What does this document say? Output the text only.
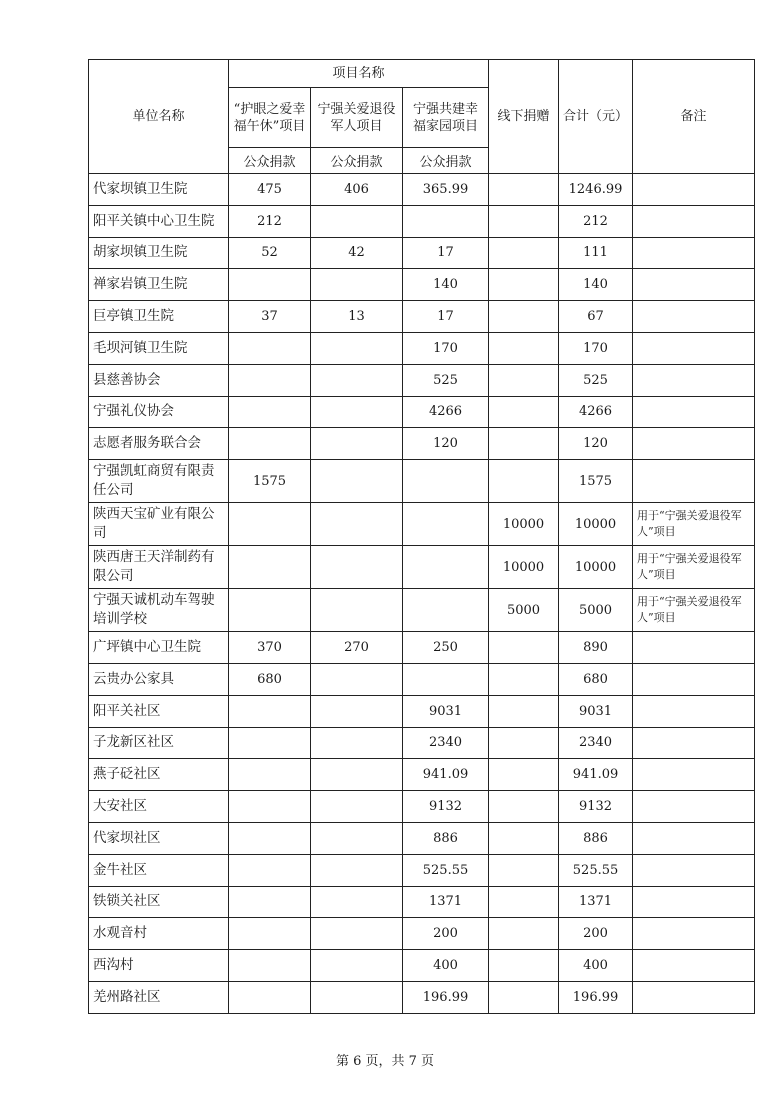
单位名称	项目名称			线下捐赠	合计（元）	备注
	“护眼之爱幸福午休”项目	宁强关爱退役军人项目	宁强共建幸福家园项目			
	公众捐款	公众捐款	公众捐款			
代家坝镇卫生院	475	406	365.99		1246.99	
阳平关镇中心卫生院	212				212	
胡家坝镇卫生院	52	42	17		111	
禅家岩镇卫生院			140		140	
巨亭镇卫生院	37	13	17		67	
毛坝河镇卫生院			170		170	
县慈善协会			525		525	
宁强礼仪协会			4266		4266	
志愿者服务联合会			120		120	
宁强凯虹商贸有限责任公司	1575				1575	
陕西天宝矿业有限公司				10000	10000	用于“宁强关爱退役军人”项目
陕西唐王天洋制药有限公司				10000	10000	用于“宁强关爱退役军人”项目
宁强天诚机动车驾驶培训学校				5000	5000	用于“宁强关爱退役军人”项目
广坪镇中心卫生院	370	270	250		890	
云贵办公家具	680				680	
阳平关社区			9031		9031	
子龙新区社区			2340		2340	
燕子砭社区			941.09		941.09	
大安社区			9132		9132	
代家坝社区			886		886	
金牛社区			525.55		525.55	
铁锁关社区			1371		1371	
水观音村			200		200	
西沟村			400		400	
羌州路社区			196.99		196.99	
第 6 页，共 7 页
